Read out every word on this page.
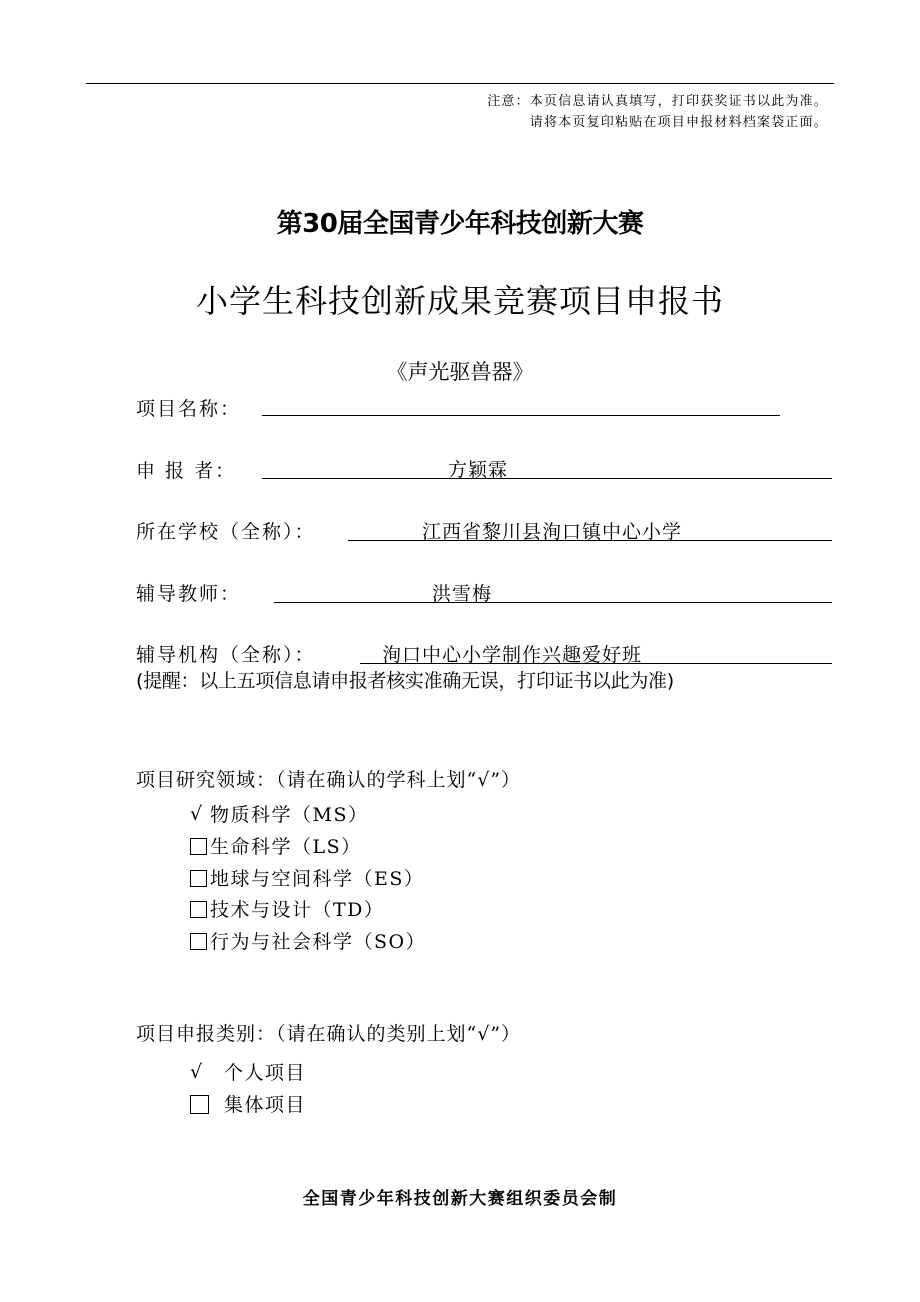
注意：本页信息请认真填写，打印获奖证书以此为准。
请将本页复印粘贴在项目申报材料档案袋正面。
第30届全国青少年科技创新大赛
小学生科技创新成果竞赛项目申报书
《声光驱兽器》
项目名称：
申 报 者：	方颖霖
所在学校（全称）：	江西省黎川县洵口镇中心小学
辅导教师：	洪雪梅
辅导机构（全称）：	洵口中心小学制作兴趣爱好班
(提醒：以上五项信息请申报者核实准确无误，打印证书以此为准)
项目研究领域：（请在确认的学科上划“√”）
√ 物质科学（MS）
生命科学（LS）
地球与空间科学（ES）
技术与设计（TD）
行为与社会科学（SO）
项目申报类别：（请在确认的类别上划“√”）
√	个人项目
集体项目
全国青少年科技创新大赛组织委员会制
